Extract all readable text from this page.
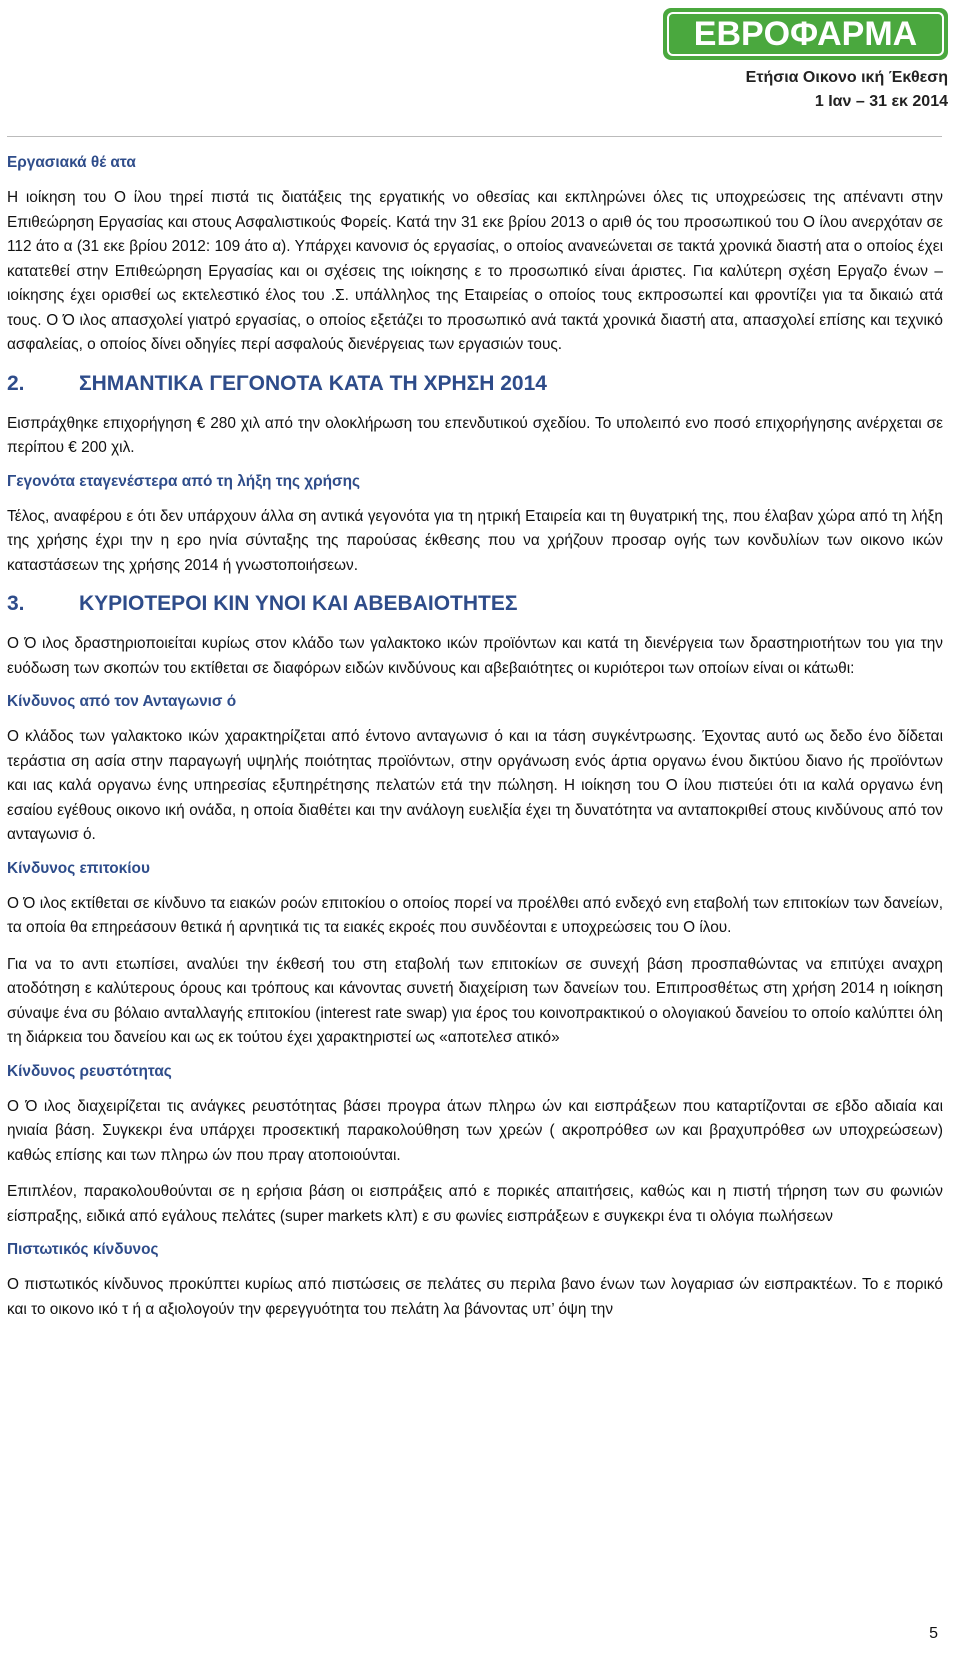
ΕΒΡΟΦΑΡΜΑ
Ετήσια Οικονο ική Έκθεση
1 Ιαν – 31 εκ 2014
Εργασιακά θέ ατα

Η ιοίκηση του Ο ίλου τηρεί πιστά τις διατάξεις της εργατικής νο οθεσίας και εκπληρώνει όλες τις υποχρεώσεις της απέναντι στην Επιθεώρηση Εργασίας και στους Ασφαλιστικούς Φορείς. Κατά την 31 εκε βρίου 2013 ο αριθ ός του προσωπικού του Ο ίλου ανερχόταν σε 112 άτο α (31 εκε βρίου 2012: 109 άτο α). Υπάρχει κανονισ ός εργασίας, ο οποίος ανανεώνεται σε τακτά χρονικά διαστή ατα ο οποίος έχει κατατεθεί στην Επιθεώρηση Εργασίας και οι σχέσεις της ιοίκησης ε το προσωπικό είναι άριστες. Για καλύτερη σχέση Εργαζο ένων – ιοίκησης έχει ορισθεί ως εκτελεστικό έλος του .Σ. υπάλληλος της Εταιρείας ο οποίος τους εκπροσωπεί και φροντίζει για τα δικαιώ ατά τους. Ο Ό ιλος απασχολεί γιατρό εργασίας, ο οποίος εξετάζει το προσωπικό ανά τακτά χρονικά διαστή ατα, απασχολεί επίσης και τεχνικό ασφαλείας, ο οποίος δίνει οδηγίες περί ασφαλούς διενέργειας των εργασιών τους.

2.	ΣΗΜΑΝΤΙΚΑ ΓΕΓΟΝΟΤΑ ΚΑΤΑ ΤΗ ΧΡΗΣΗ 2014

Εισπράχθηκε επιχορήγηση € 280 χιλ από την ολοκλήρωση του επενδυτικού σχεδίου. Το υπολειπό ενο ποσό επιχορήγησης ανέρχεται σε περίπου € 200 χιλ.

Γεγονότα εταγενέστερα από τη λήξη της χρήσης

Τέλος, αναφέρου ε ότι δεν υπάρχουν άλλα ση αντικά γεγονότα για τη ητρική Εταιρεία και τη θυγατρική της, που έλαβαν χώρα από τη λήξη της χρήσης έχρι την η ερο ηνία σύνταξης της παρούσας έκθεσης που να χρήζουν προσαρ ογής των κονδυλίων των οικονο ικών καταστάσεων της χρήσης 2014 ή γνωστοποιήσεων.

3.	ΚΥΡΙΟΤΕΡΟΙ ΚΙΝ ΥΝΟΙ ΚΑΙ ΑΒΕΒΑΙΟΤΗΤΕΣ

Ο Ό ιλος δραστηριοποιείται κυρίως στον κλάδο των γαλακτοκο ικών προϊόντων και κατά τη διενέργεια των δραστηριοτήτων του για την ευόδωση των σκοπών του εκτίθεται σε διαφόρων ειδών κινδύνους και αβεβαιότητες οι κυριότεροι των οποίων είναι οι κάτωθι:

Κίνδυνος από τον Ανταγωνισ ό

Ο κλάδος των γαλακτοκο ικών χαρακτηρίζεται από έντονο ανταγωνισ ό και ια τάση συγκέντρωσης. Έχοντας αυτό ως δεδο ένο δίδεται τεράστια ση ασία στην παραγωγή υψηλής ποιότητας προϊόντων, στην οργάνωση ενός άρτια οργανω ένου δικτύου διανο ής προϊόντων και ιας καλά οργανω ένης υπηρεσίας εξυπηρέτησης πελατών ετά την πώληση. Η ιοίκηση του Ο ίλου πιστεύει ότι ια καλά οργανω ένη εσαίου εγέθους οικονο ική ονάδα, η οποία διαθέτει και την ανάλογη ευελιξία έχει τη δυνατότητα να ανταποκριθεί στους κινδύνους από τον ανταγωνισ ό.

Κίνδυνος επιτοκίου

Ο Ό ιλος εκτίθεται σε κίνδυνο τα ειακών ροών επιτοκίου ο οποίος πορεί να προέλθει από ενδεχό ενη εταβολή των επιτοκίων των δανείων, τα οποία θα επηρεάσουν θετικά ή αρνητικά τις τα ειακές εκροές που συνδέονται ε υποχρεώσεις του Ο ίλου.

Για να το αντι ετωπίσει, αναλύει την έκθεσή του στη εταβολή των επιτοκίων σε συνεχή βάση προσπαθώντας να επιτύχει αναχρη ατοδότηση ε καλύτερους όρους και τρόπους και κάνοντας συνετή διαχείριση των δανείων του. Επιπροσθέτως στη χρήση 2014 η ιοίκηση σύναψε ένα συ βόλαιο ανταλλαγής επιτοκίου (interest rate swap) για έρος του κοινοπρακτικού ο ολογιακού δανείου το οποίο καλύπτει όλη τη διάρκεια του δανείου και ως εκ τούτου έχει χαρακτηριστεί ως «αποτελεσ ατικό»

Κίνδυνος ρευστότητας

Ο Ό ιλος διαχειρίζεται τις ανάγκες ρευστότητας βάσει προγρα άτων πληρω ών και εισπράξεων που καταρτίζονται σε εβδο αδιαία και ηνιαία βάση. Συγκεκρι ένα υπάρχει προσεκτική παρακολούθηση των χρεών ( ακροπρόθεσ ων και βραχυπρόθεσ ων υποχρεώσεων) καθώς επίσης και των πληρω ών που πραγ ατοποιούνται.

Επιπλέον, παρακολουθούνται σε η ερήσια βάση οι εισπράξεις από ε πορικές απαιτήσεις, καθώς και η πιστή τήρηση των συ φωνιών είσπραξης, ειδικά από εγάλους πελάτες (super markets κλπ) ε συ φωνίες εισπράξεων ε συγκεκρι ένα τι ολόγια πωλήσεων

Πιστωτικός κίνδυνος

Ο πιστωτικός κίνδυνος προκύπτει κυρίως από πιστώσεις σε πελάτες συ περιλα βανο ένων των λογαριασ ών εισπρακτέων. Το ε πορικό και το οικονο ικό τ ή α αξιολογούν την φερεγγυότητα του πελάτη λα βάνοντας υπ’ όψη την

5
